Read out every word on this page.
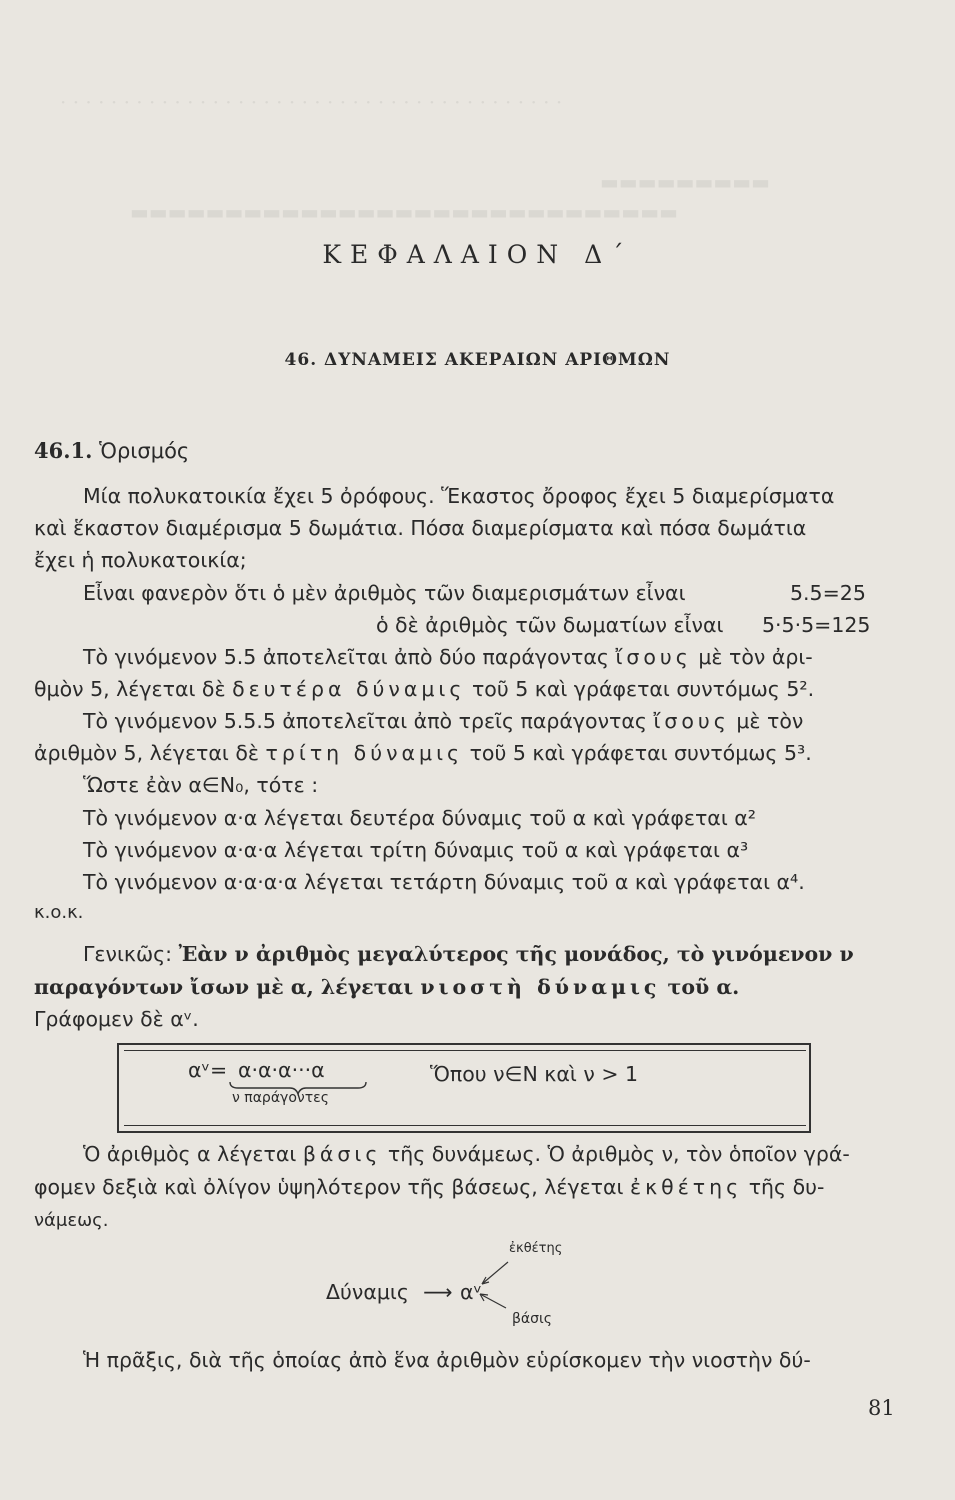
· · · · · · · · · · · · · · · · · · · · · · · · · · · · · · · · · · · · · · · ·
▬▬▬▬▬▬▬▬▬
▬▬▬▬▬▬▬▬▬▬▬▬▬▬▬▬▬▬▬▬▬▬▬▬▬▬▬▬▬
ΚΕΦΑΛΑΙΟΝ Δ΄
46. ΔΥΝΑΜΕΙΣ ΑΚΕΡΑΙΩΝ ΑΡΙΘΜΩΝ
46.1. Ὁρισμός
Μία πολυκατοικία ἔχει 5 ὀρόφους. Ἕκαστος ὄροφος ἔχει 5 διαμερίσματα
καὶ ἕκαστον διαμέρισμα 5 δωμάτια. Πόσα διαμερίσματα καὶ πόσα δωμάτια
ἔχει ἡ πολυκατοικία;
Εἶναι φανερὸν ὅτι ὁ μὲν ἀριθμὸς τῶν διαμερισμάτων εἶναι	5.5=25
ὁ δὲ ἀριθμὸς τῶν δωματίων εἶναι 5·5·5=125
Τὸ γινόμενον 5.5 ἀποτελεῖται ἀπὸ δύο παράγοντας ἴσους μὲ τὸν ἀρι-
θμὸν 5, λέγεται δὲ δευτέρα δύναμις τοῦ 5 καὶ γράφεται συντόμως 5².
Τὸ γινόμενον 5.5.5 ἀποτελεῖται ἀπὸ τρεῖς παράγοντας ἴσους μὲ τὸν
ἀριθμὸν 5, λέγεται δὲ τρίτη δύναμις τοῦ 5 καὶ γράφεται συντόμως 5³.
Ὥστε ἐὰν α∈N₀, τότε :
Τὸ γινόμενον α·α λέγεται δευτέρα δύναμις τοῦ α καὶ γράφεται α²
Τὸ γινόμενον α·α·α λέγεται τρίτη δύναμις τοῦ α καὶ γράφεται α³
Τὸ γινόμενον α·α·α·α λέγεται τετάρτη δύναμις τοῦ α καὶ γράφεται α⁴.
κ.ο.κ.
Γενικῶς: Ἐὰν ν ἀριθμὸς μεγαλύτερος τῆς μονάδος, τὸ γινόμενον ν
παραγόντων ἴσων μὲ α, λέγεται νιοστὴ δύναμις τοῦ α.
Γράφομεν δὲ αᵛ.
αᵛ= α·α·α···α
ν παράγοντες
Ὅπου ν∈N καὶ ν > 1
Ὁ ἀριθμὸς α λέγεται βάσις τῆς δυνάμεως. Ὁ ἀριθμὸς ν, τὸν ὁποῖον γρά-
φομεν δεξιὰ καὶ ὀλίγον ὑψηλότερον τῆς βάσεως, λέγεται ἐκθέτης τῆς δυ-
νάμεως.
ἐκθέτης
Δύναμις ⟶ αᵛ
βάσις
Ἡ πρᾶξις, διὰ τῆς ὁποίας ἀπὸ ἕνα ἀριθμὸν εὑρίσκομεν τὴν νιοστὴν δύ-
81
